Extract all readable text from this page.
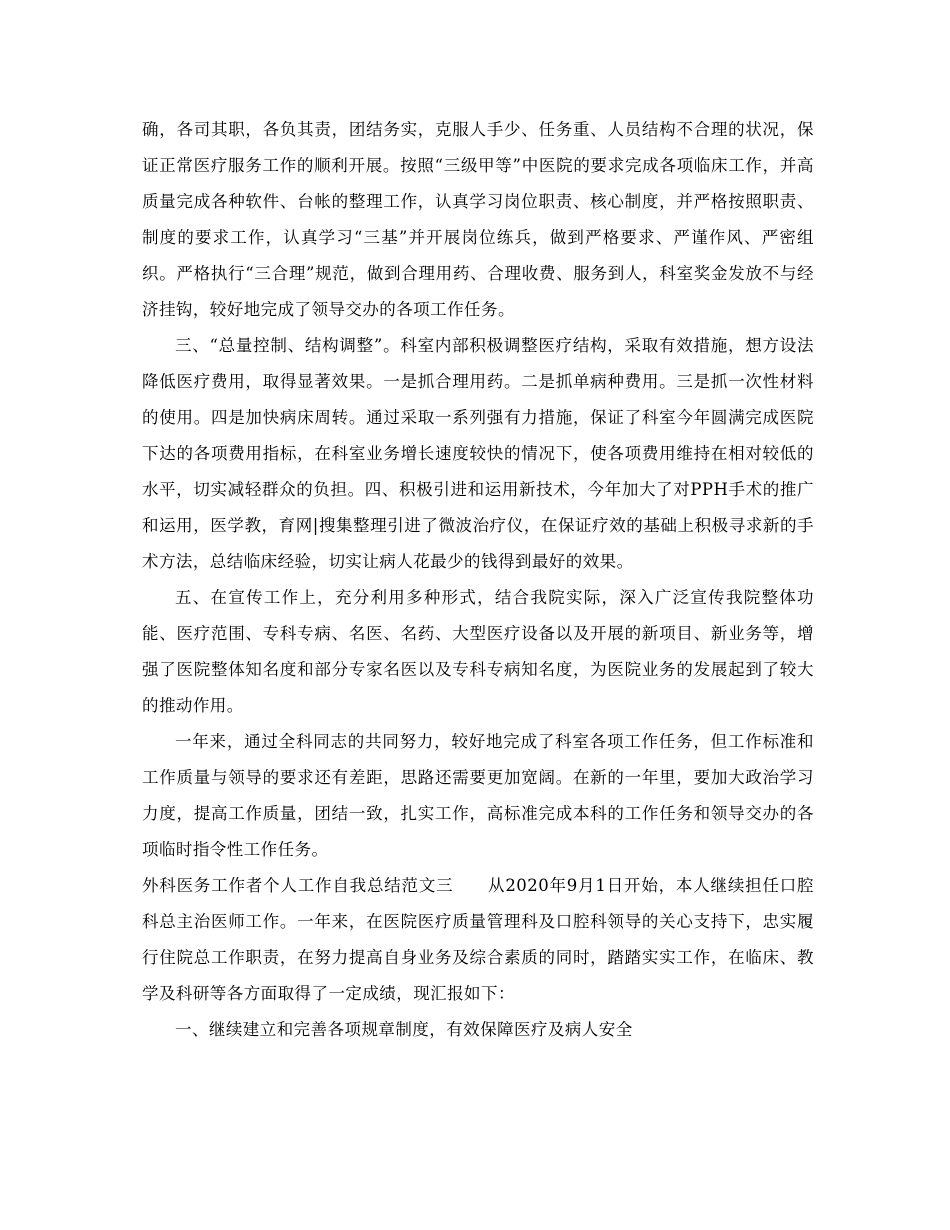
确，各司其职，各负其责，团结务实，克服人手少、任务重、人员结构不合理的状况，保证正常医疗服务工作的顺利开展。按照“三级甲等”中医院的要求完成各项临床工作，并高质量完成各种软件、台帐的整理工作，认真学习岗位职责、核心制度，并严格按照职责、制度的要求工作，认真学习“三基”并开展岗位练兵，做到严格要求、严谨作风、严密组织。严格执行“三合理”规范，做到合理用药、合理收费、服务到人，科室奖金发放不与经济挂钩，较好地完成了领导交办的各项工作任务。

三、“总量控制、结构调整”。科室内部积极调整医疗结构，采取有效措施，想方设法降低医疗费用，取得显著效果。一是抓合理用药。二是抓单病种费用。三是抓一次性材料的使用。四是加快病床周转。通过采取一系列强有力措施，保证了科室今年圆满完成医院下达的各项费用指标，在科室业务增长速度较快的情况下，使各项费用维持在相对较低的水平，切实减轻群众的负担。四、积极引进和运用新技术，今年加大了对PPH手术的推广和运用，医学教，育网|搜集整理引进了微波治疗仪，在保证疗效的基础上积极寻求新的手术方法，总结临床经验，切实让病人花最少的钱得到最好的效果。

五、在宣传工作上，充分利用多种形式，结合我院实际，深入广泛宣传我院整体功能、医疗范围、专科专病、名医、名药、大型医疗设备以及开展的新项目、新业务等，增强了医院整体知名度和部分专家名医以及专科专病知名度，为医院业务的发展起到了较大的推动作用。

一年来，通过全科同志的共同努力，较好地完成了科室各项工作任务，但工作标准和工作质量与领导的要求还有差距，思路还需要更加宽阔。在新的一年里，要加大政治学习力度，提高工作质量，团结一致，扎实工作，高标准完成本科的工作任务和领导交办的各项临时指令性工作任务。

外科医务工作者个人工作自我总结范文三　　从2020年9月1日开始，本人继续担任口腔科总主治医师工作。一年来，在医院医疗质量管理科及口腔科领导的关心支持下，忠实履行住院总工作职责，在努力提高自身业务及综合素质的同时，踏踏实实工作，在临床、教学及科研等各方面取得了一定成绩，现汇报如下：

一、继续建立和完善各项规章制度，有效保障医疗及病人安全
